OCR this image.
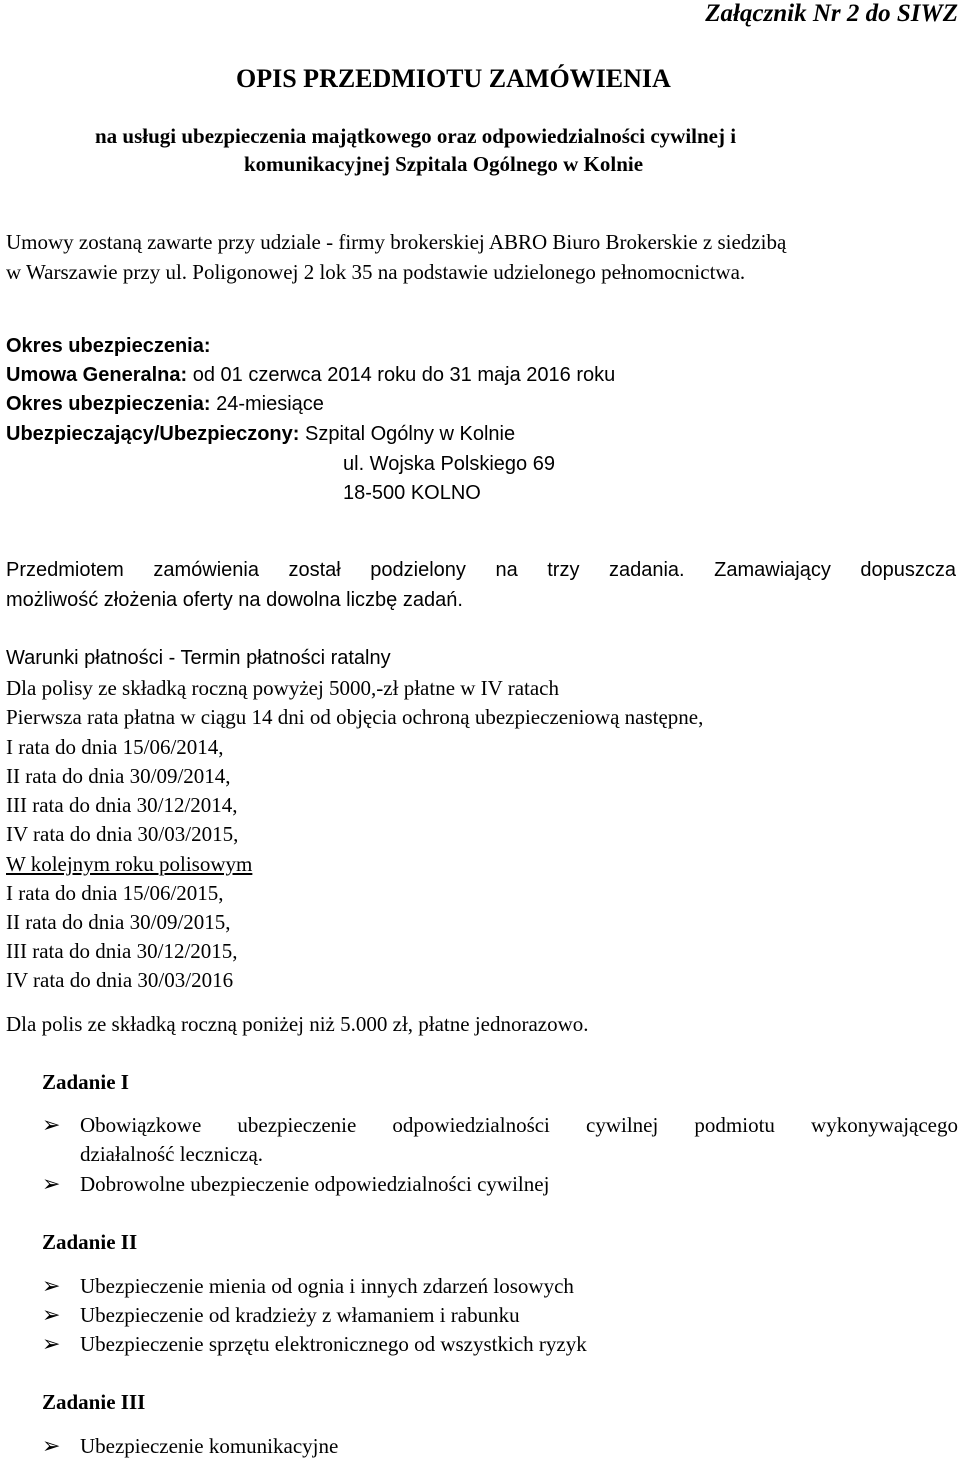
Załącznik Nr 2 do SIWZ

OPIS PRZEDMIOTU ZAMÓWIENIA

na usługi ubezpieczenia majątkowego oraz odpowiedzialności cywilnej i

komunikacyjnej Szpitala Ogólnego w Kolnie

Umowy zostaną zawarte przy udziale - firmy brokerskiej ABRO Biuro Brokerskie z siedzibą

w Warszawie przy ul. Poligonowej 2 lok 35 na podstawie udzielonego pełnomocnictwa.

Okres ubezpieczenia:

Umowa Generalna: od 01 czerwca 2014 roku do 31 maja 2016 roku

Okres ubezpieczenia: 24-miesiące

Ubezpieczający/Ubezpieczony: Szpital Ogólny w Kolnie

ul. Wojska Polskiego 69

18-500 KOLNO

Przedmiotem zamówienia został podzielony na trzy zadania. Zamawiający dopuszcza

możliwość złożenia oferty na dowolna liczbę zadań.

Warunki płatności - Termin płatności ratalny

Dla polisy ze składką roczną powyżej 5000,-zł płatne w IV ratach

Pierwsza rata płatna w ciągu 14 dni od objęcia ochroną ubezpieczeniową następne,

I rata do dnia 15/06/2014,

II rata do dnia 30/09/2014,

III rata do dnia 30/12/2014,

IV rata do dnia 30/03/2015,

W kolejnym roku polisowym

I rata do dnia 15/06/2015,

II rata do dnia 30/09/2015,

III rata do dnia 30/12/2015,

IV rata do dnia 30/03/2016

Dla polis ze składką roczną poniżej niż 5.000 zł, płatne jednorazowo.

Zadanie I

➢ Obowiązkowe ubezpieczenie odpowiedzialności cywilnej podmiotu wykonywającego

działalność leczniczą.

➢ Dobrowolne ubezpieczenie odpowiedzialności cywilnej

Zadanie II

➢ Ubezpieczenie mienia od ognia i innych zdarzeń losowych

➢ Ubezpieczenie od kradzieży z włamaniem i rabunku

➢ Ubezpieczenie sprzętu elektronicznego od wszystkich ryzyk

Zadanie III

➢ Ubezpieczenie komunikacyjne
